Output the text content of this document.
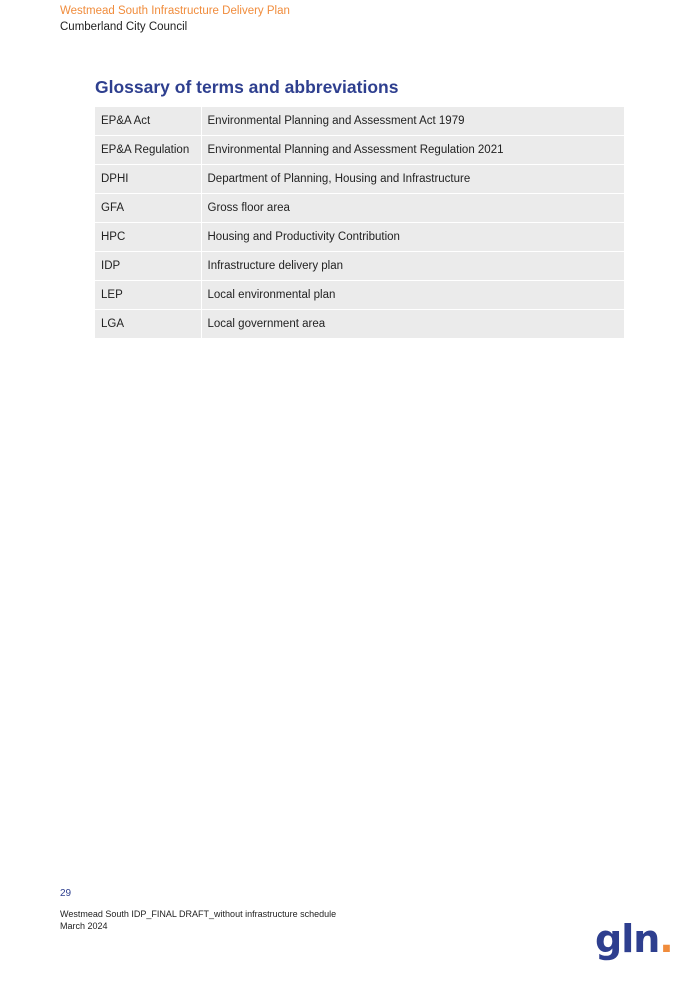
Westmead South Infrastructure Delivery Plan
Cumberland City Council
Glossary of terms and abbreviations
EP&A Act	Environmental Planning and Assessment Act 1979
EP&A Regulation	Environmental Planning and Assessment Regulation 2021
DPHI	Department of Planning, Housing and Infrastructure
GFA	Gross floor area
HPC	Housing and Productivity Contribution
IDP	Infrastructure delivery plan
LEP	Local environmental plan
LGA	Local government area
29
Westmead South IDP_FINAL DRAFT_without infrastructure schedule
March 2024	gln.
